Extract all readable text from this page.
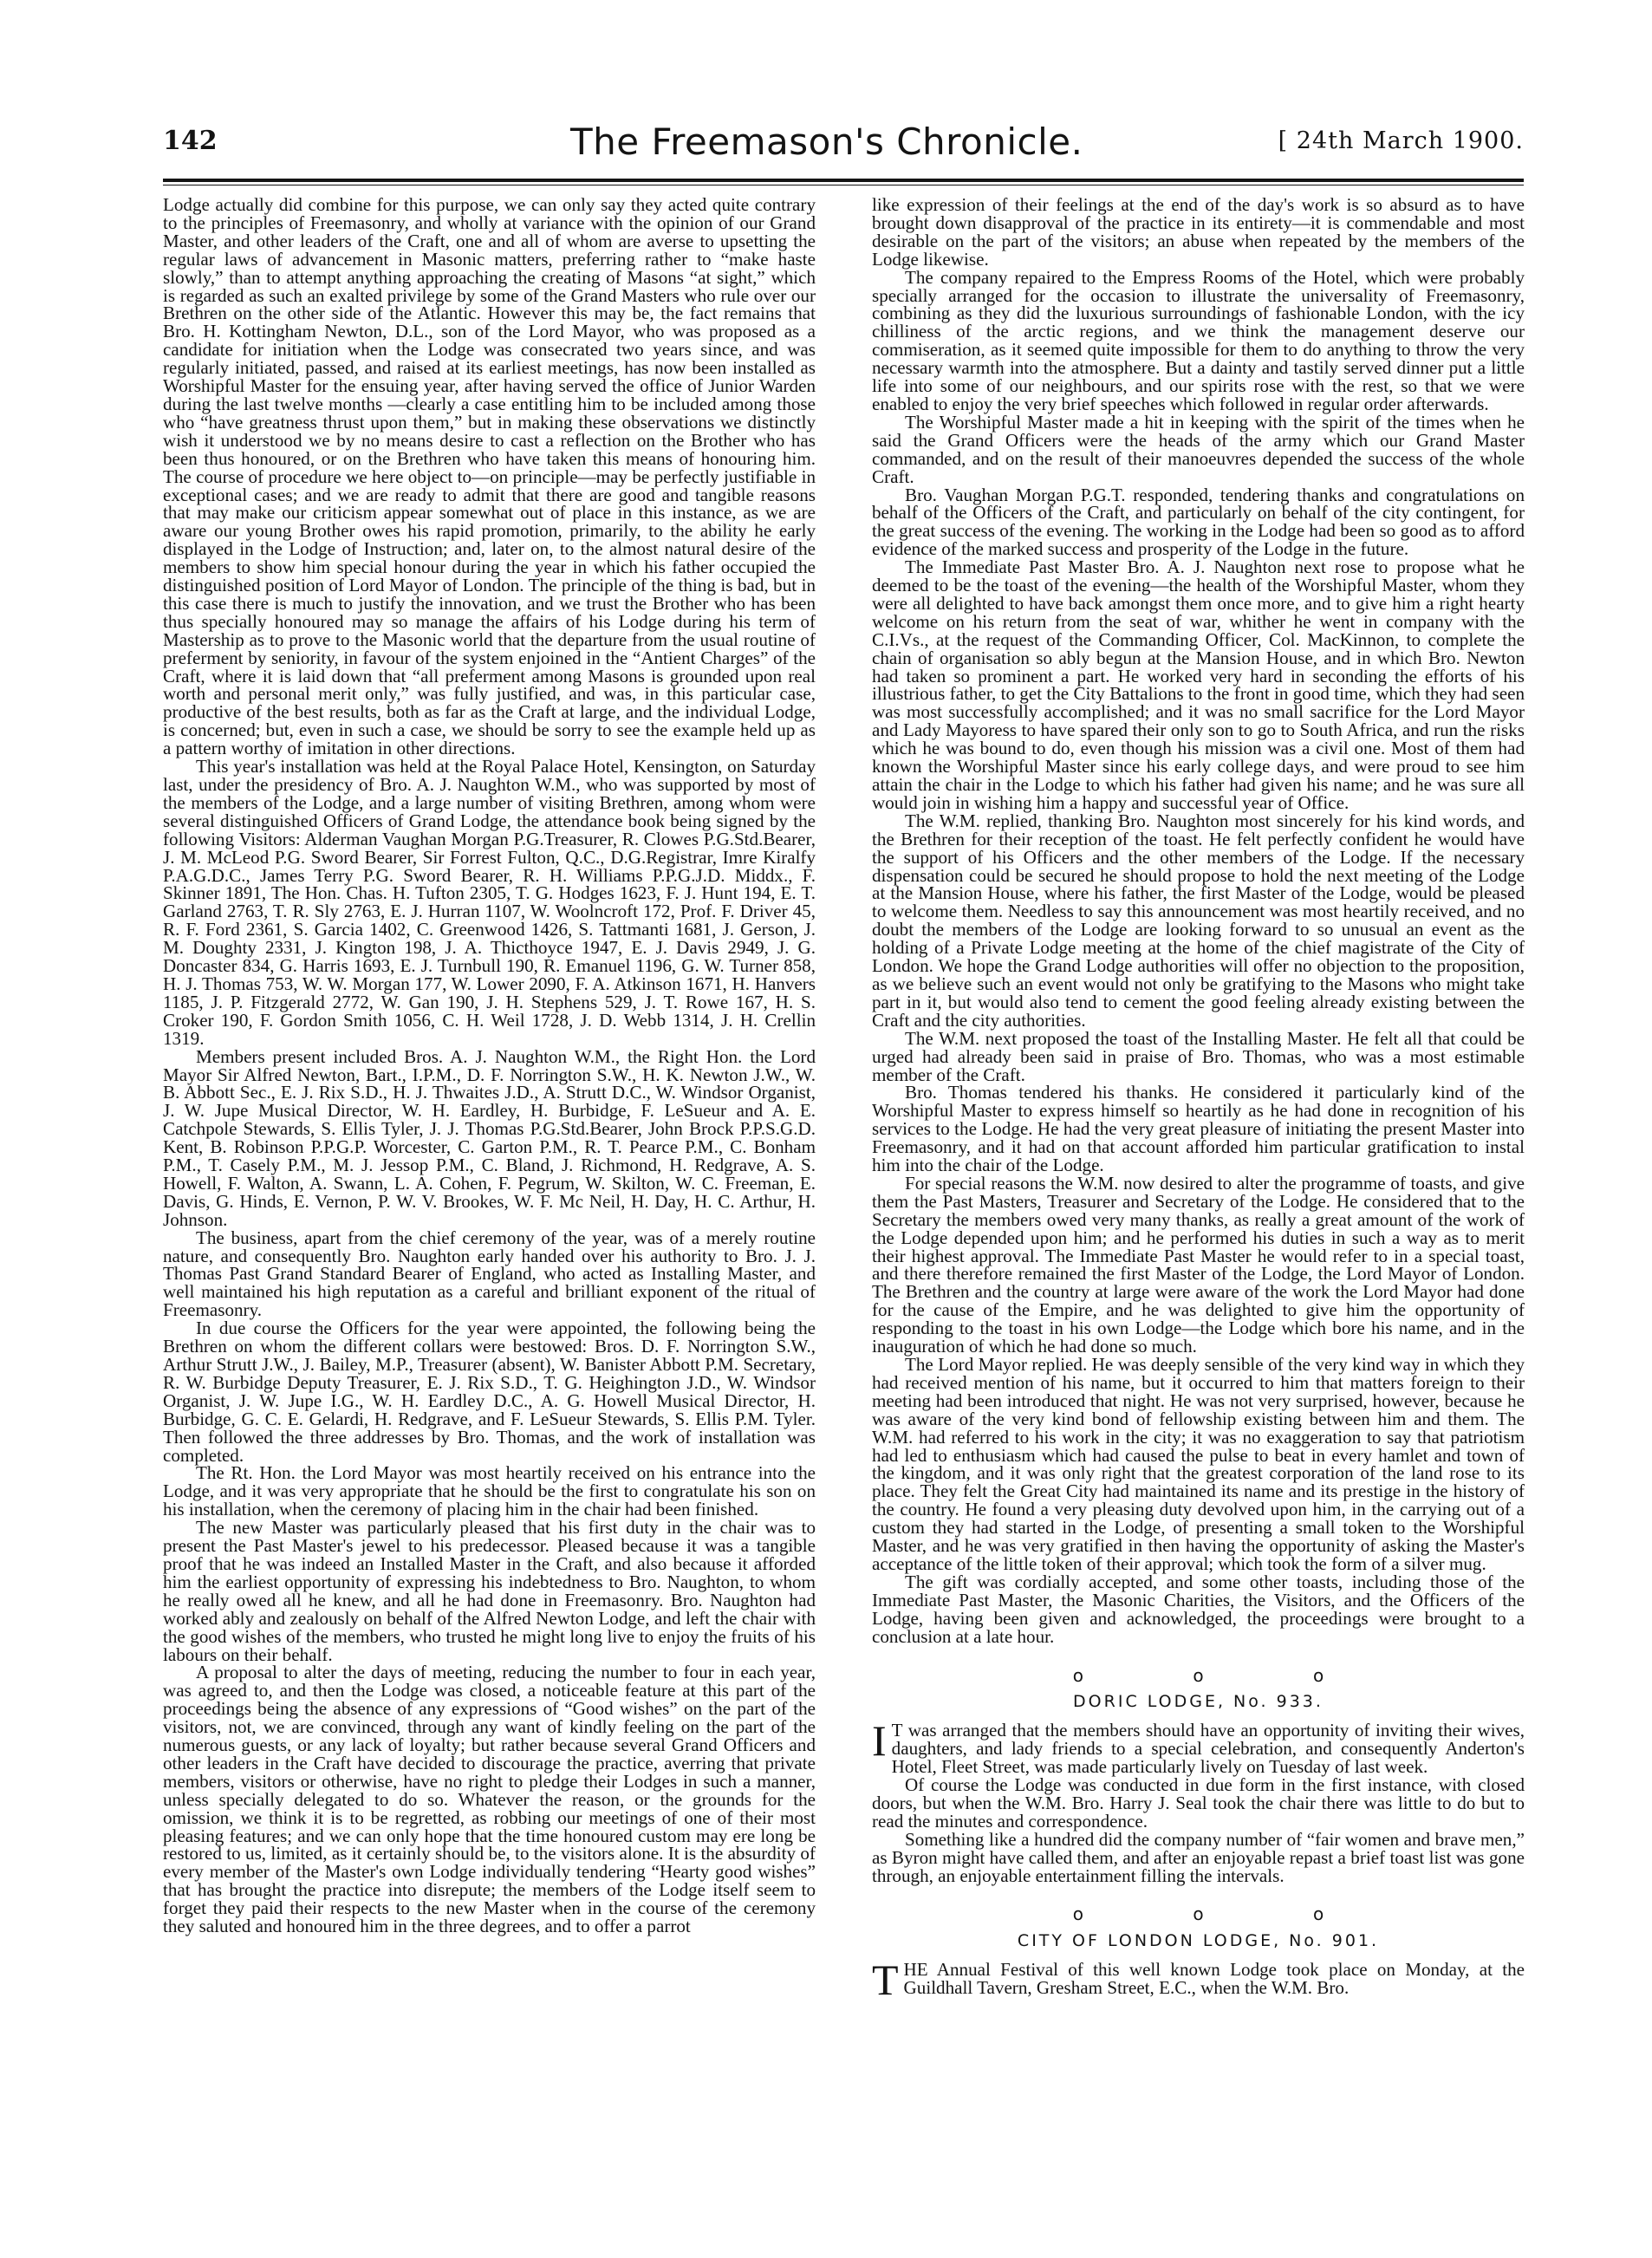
142	The Freemason's Chronicle.	[ 24th March 1900.

Lodge actually did combine for this purpose, we can only say they acted quite contrary to the principles of Freemasonry, and wholly at variance with the opinion of our Grand Master, and other leaders of the Craft, one and all of whom are averse to upsetting the regular laws of advancement in Masonic matters, preferring rather to “make haste slowly,” than to attempt anything approaching the creating of Masons “at sight,” which is regarded as such an exalted privilege by some of the Grand Masters who rule over our Brethren on the other side of the Atlantic. However this may be, the fact remains that Bro. H. Kottingham Newton, D.L., son of the Lord Mayor, who was proposed as a candidate for initiation when the Lodge was consecrated two years since, and was regularly initiated, passed, and raised at its earliest meetings, has now been installed as Worshipful Master for the ensuing year, after having served the office of Junior Warden during the last twelve months —clearly a case entitling him to be included among those who “have greatness thrust upon them,” but in making these observations we distinctly wish it understood we by no means desire to cast a reflection on the Brother who has been thus honoured, or on the Brethren who have taken this means of honouring him. The course of procedure we here object to—on principle—may be perfectly justifiable in exceptional cases; and we are ready to admit that there are good and tangible reasons that may make our criticism appear somewhat out of place in this instance, as we are aware our young Brother owes his rapid promotion, primarily, to the ability he early displayed in the Lodge of Instruction; and, later on, to the almost natural desire of the members to show him special honour during the year in which his father occupied the distinguished position of Lord Mayor of London. The principle of the thing is bad, but in this case there is much to justify the innovation, and we trust the Brother who has been thus specially honoured may so manage the affairs of his Lodge during his term of Mastership as to prove to the Masonic world that the departure from the usual routine of preferment by seniority, in favour of the system enjoined in the “Antient Charges” of the Craft, where it is laid down that “all preferment among Masons is grounded upon real worth and personal merit only,” was fully justified, and was, in this particular case, productive of the best results, both as far as the Craft at large, and the individual Lodge, is concerned; but, even in such a case, we should be sorry to see the example held up as a pattern worthy of imitation in other directions.

This year's installation was held at the Royal Palace Hotel, Kensington, on Saturday last, under the presidency of Bro. A. J. Naughton W.M., who was supported by most of the members of the Lodge, and a large number of visiting Brethren, among whom were several distinguished Officers of Grand Lodge, the attendance book being signed by the following Visitors: Alderman Vaughan Morgan P.G.Treasurer, R. Clowes P.G.Std.Bearer, J. M. McLeod P.G. Sword Bearer, Sir Forrest Fulton, Q.C., D.G.Registrar, Imre Kiralfy P.A.G.D.C., James Terry P.G. Sword Bearer, R. H. Williams P.P.G.J.D. Middx., F. Skinner 1891, The Hon. Chas. H. Tufton 2305, T. G. Hodges 1623, F. J. Hunt 194, E. T. Garland 2763, T. R. Sly 2763, E. J. Hurran 1107, W. Woolncroft 172, Prof. F. Driver 45, R. F. Ford 2361, S. Garcia 1402, C. Greenwood 1426, S. Tattmanti 1681, J. Gerson, J. M. Doughty 2331, J. Kington 198, J. A. Thicthoyce 1947, E. J. Davis 2949, J. G. Doncaster 834, G. Harris 1693, E. J. Turnbull 190, R. Emanuel 1196, G. W. Turner 858, H. J. Thomas 753, W. W. Morgan 177, W. Lower 2090, F. A. Atkinson 1671, H. Hanvers 1185, J. P. Fitzgerald 2772, W. Gan 190, J. H. Stephens 529, J. T. Rowe 167, H. S. Croker 190, F. Gordon Smith 1056, C. H. Weil 1728, J. D. Webb 1314, J. H. Crellin 1319.

Members present included Bros. A. J. Naughton W.M., the Right Hon. the Lord Mayor Sir Alfred Newton, Bart., I.P.M., D. F. Norrington S.W., H. K. Newton J.W., W. B. Abbott Sec., E. J. Rix S.D., H. J. Thwaites J.D., A. Strutt D.C., W. Windsor Organist, J. W. Jupe Musical Director, W. H. Eardley, H. Burbidge, F. LeSueur and A. E. Catchpole Stewards, S. Ellis Tyler, J. J. Thomas P.G.Std.Bearer, John Brock P.P.S.G.D. Kent, B. Robinson P.P.G.P. Worcester, C. Garton P.M., R. T. Pearce P.M., C. Bonham P.M., T. Casely P.M., M. J. Jessop P.M., C. Bland, J. Richmond, H. Redgrave, A. S. Howell, F. Walton, A. Swann, L. A. Cohen, F. Pegrum, W. Skilton, W. C. Freeman, E. Davis, G. Hinds, E. Vernon, P. W. V. Brookes, W. F. Mc Neil, H. Day, H. C. Arthur, H. Johnson.

The business, apart from the chief ceremony of the year, was of a merely routine nature, and consequently Bro. Naughton early handed over his authority to Bro. J. J. Thomas Past Grand Standard Bearer of England, who acted as Installing Master, and well maintained his high reputation as a careful and brilliant exponent of the ritual of Freemasonry.

In due course the Officers for the year were appointed, the following being the Brethren on whom the different collars were bestowed: Bros. D. F. Norrington S.W., Arthur Strutt J.W., J. Bailey, M.P., Treasurer (absent), W. Banister Abbott P.M. Secretary, R. W. Burbidge Deputy Treasurer, E. J. Rix S.D., T. G. Heighington J.D., W. Windsor Organist, J. W. Jupe I.G., W. H. Eardley D.C., A. G. Howell Musical Director, H. Burbidge, G. C. E. Gelardi, H. Redgrave, and F. LeSueur Stewards, S. Ellis P.M. Tyler. Then followed the three addresses by Bro. Thomas, and the work of installation was completed.

The Rt. Hon. the Lord Mayor was most heartily received on his entrance into the Lodge, and it was very appropriate that he should be the first to congratulate his son on his installation, when the ceremony of placing him in the chair had been finished.

The new Master was particularly pleased that his first duty in the chair was to present the Past Master's jewel to his predecessor. Pleased because it was a tangible proof that he was indeed an Installed Master in the Craft, and also because it afforded him the earliest opportunity of expressing his indebtedness to Bro. Naughton, to whom he really owed all he knew, and all he had done in Freemasonry. Bro. Naughton had worked ably and zealously on behalf of the Alfred Newton Lodge, and left the chair with the good wishes of the members, who trusted he might long live to enjoy the fruits of his labours on their behalf.

A proposal to alter the days of meeting, reducing the number to four in each year, was agreed to, and then the Lodge was closed, a noticeable feature at this part of the proceedings being the absence of any expressions of “Good wishes” on the part of the visitors, not, we are convinced, through any want of kindly feeling on the part of the numerous guests, or any lack of loyalty; but rather because several Grand Officers and other leaders in the Craft have decided to discourage the practice, averring that private members, visitors or otherwise, have no right to pledge their Lodges in such a manner, unless specially delegated to do so. Whatever the reason, or the grounds for the omission, we think it is to be regretted, as robbing our meetings of one of their most pleasing features; and we can only hope that the time honoured custom may ere long be restored to us, limited, as it certainly should be, to the visitors alone. It is the absurdity of every member of the Master's own Lodge individually tendering “Hearty good wishes” that has brought the practice into disrepute; the members of the Lodge itself seem to forget they paid their respects to the new Master when in the course of the ceremony they saluted and honoured him in the three degrees, and to offer a parrot

like expression of their feelings at the end of the day's work is so absurd as to have brought down disapproval of the practice in its entirety—it is commendable and most desirable on the part of the visitors; an abuse when repeated by the members of the Lodge likewise.

The company repaired to the Empress Rooms of the Hotel, which were probably specially arranged for the occasion to illustrate the universality of Freemasonry, combining as they did the luxurious surroundings of fashionable London, with the icy chilliness of the arctic regions, and we think the management deserve our commiseration, as it seemed quite impossible for them to do anything to throw the very necessary warmth into the atmosphere. But a dainty and tastily served dinner put a little life into some of our neighbours, and our spirits rose with the rest, so that we were enabled to enjoy the very brief speeches which followed in regular order afterwards.

The Worshipful Master made a hit in keeping with the spirit of the times when he said the Grand Officers were the heads of the army which our Grand Master commanded, and on the result of their manoeuvres depended the success of the whole Craft.

Bro. Vaughan Morgan P.G.T. responded, tendering thanks and congratulations on behalf of the Officers of the Craft, and particularly on behalf of the city contingent, for the great success of the evening. The working in the Lodge had been so good as to afford evidence of the marked success and prosperity of the Lodge in the future.

The Immediate Past Master Bro. A. J. Naughton next rose to propose what he deemed to be the toast of the evening—the health of the Worshipful Master, whom they were all delighted to have back amongst them once more, and to give him a right hearty welcome on his return from the seat of war, whither he went in company with the C.I.Vs., at the request of the Commanding Officer, Col. MacKinnon, to complete the chain of organisation so ably begun at the Mansion House, and in which Bro. Newton had taken so prominent a part. He worked very hard in seconding the efforts of his illustrious father, to get the City Battalions to the front in good time, which they had seen was most successfully accomplished; and it was no small sacrifice for the Lord Mayor and Lady Mayoress to have spared their only son to go to South Africa, and run the risks which he was bound to do, even though his mission was a civil one. Most of them had known the Worshipful Master since his early college days, and were proud to see him attain the chair in the Lodge to which his father had given his name; and he was sure all would join in wishing him a happy and successful year of Office.

The W.M. replied, thanking Bro. Naughton most sincerely for his kind words, and the Brethren for their reception of the toast. He felt perfectly confident he would have the support of his Officers and the other members of the Lodge. If the necessary dispensation could be secured he should propose to hold the next meeting of the Lodge at the Mansion House, where his father, the first Master of the Lodge, would be pleased to welcome them. Needless to say this announcement was most heartily received, and no doubt the members of the Lodge are looking forward to so unusual an event as the holding of a Private Lodge meeting at the home of the chief magistrate of the City of London. We hope the Grand Lodge authorities will offer no objection to the proposition, as we believe such an event would not only be gratifying to the Masons who might take part in it, but would also tend to cement the good feeling already existing between the Craft and the city authorities.

The W.M. next proposed the toast of the Installing Master. He felt all that could be urged had already been said in praise of Bro. Thomas, who was a most estimable member of the Craft.

Bro. Thomas tendered his thanks. He considered it particularly kind of the Worshipful Master to express himself so heartily as he had done in recognition of his services to the Lodge. He had the very great pleasure of initiating the present Master into Freemasonry, and it had on that account afforded him particular gratification to instal him into the chair of the Lodge.

For special reasons the W.M. now desired to alter the programme of toasts, and give them the Past Masters, Treasurer and Secretary of the Lodge. He considered that to the Secretary the members owed very many thanks, as really a great amount of the work of the Lodge depended upon him; and he performed his duties in such a way as to merit their highest approval. The Immediate Past Master he would refer to in a special toast, and there therefore remained the first Master of the Lodge, the Lord Mayor of London. The Brethren and the country at large were aware of the work the Lord Mayor had done for the cause of the Empire, and he was delighted to give him the opportunity of responding to the toast in his own Lodge—the Lodge which bore his name, and in the inauguration of which he had done so much.

The Lord Mayor replied. He was deeply sensible of the very kind way in which they had received mention of his name, but it occurred to him that matters foreign to their meeting had been introduced that night. He was not very surprised, however, because he was aware of the very kind bond of fellowship existing between him and them. The W.M. had referred to his work in the city; it was no exaggeration to say that patriotism had led to enthusiasm which had caused the pulse to beat in every hamlet and town of the kingdom, and it was only right that the greatest corporation of the land rose to its place. They felt the Great City had maintained its name and its prestige in the history of the country. He found a very pleasing duty devolved upon him, in the carrying out of a custom they had started in the Lodge, of presenting a small token to the Worshipful Master, and he was very gratified in then having the opportunity of asking the Master's acceptance of the little token of their approval; which took the form of a silver mug.

The gift was cordially accepted, and some other toasts, including those of the Immediate Past Master, the Masonic Charities, the Visitors, and the Officers of the Lodge, having been given and acknowledged, the proceedings were brought to a conclusion at a late hour.

o o o
DORIC LODGE, No. 933.

I T was arranged that the members should have an opportunity of inviting their wives, daughters, and lady friends to a special celebration, and consequently Anderton's Hotel, Fleet Street, was made particularly lively on Tuesday of last week.

Of course the Lodge was conducted in due form in the first instance, with closed doors, but when the W.M. Bro. Harry J. Seal took the chair there was little to do but to read the minutes and correspondence.

Something like a hundred did the company number of “fair women and brave men,” as Byron might have called them, and after an enjoyable repast a brief toast list was gone through, an enjoyable entertainment filling the intervals.

o o o
CITY OF LONDON LODGE, No. 901.

THE Annual Festival of this well known Lodge took place on Monday, at the Guildhall Tavern, Gresham Street, E.C., when the W.M. Bro.
